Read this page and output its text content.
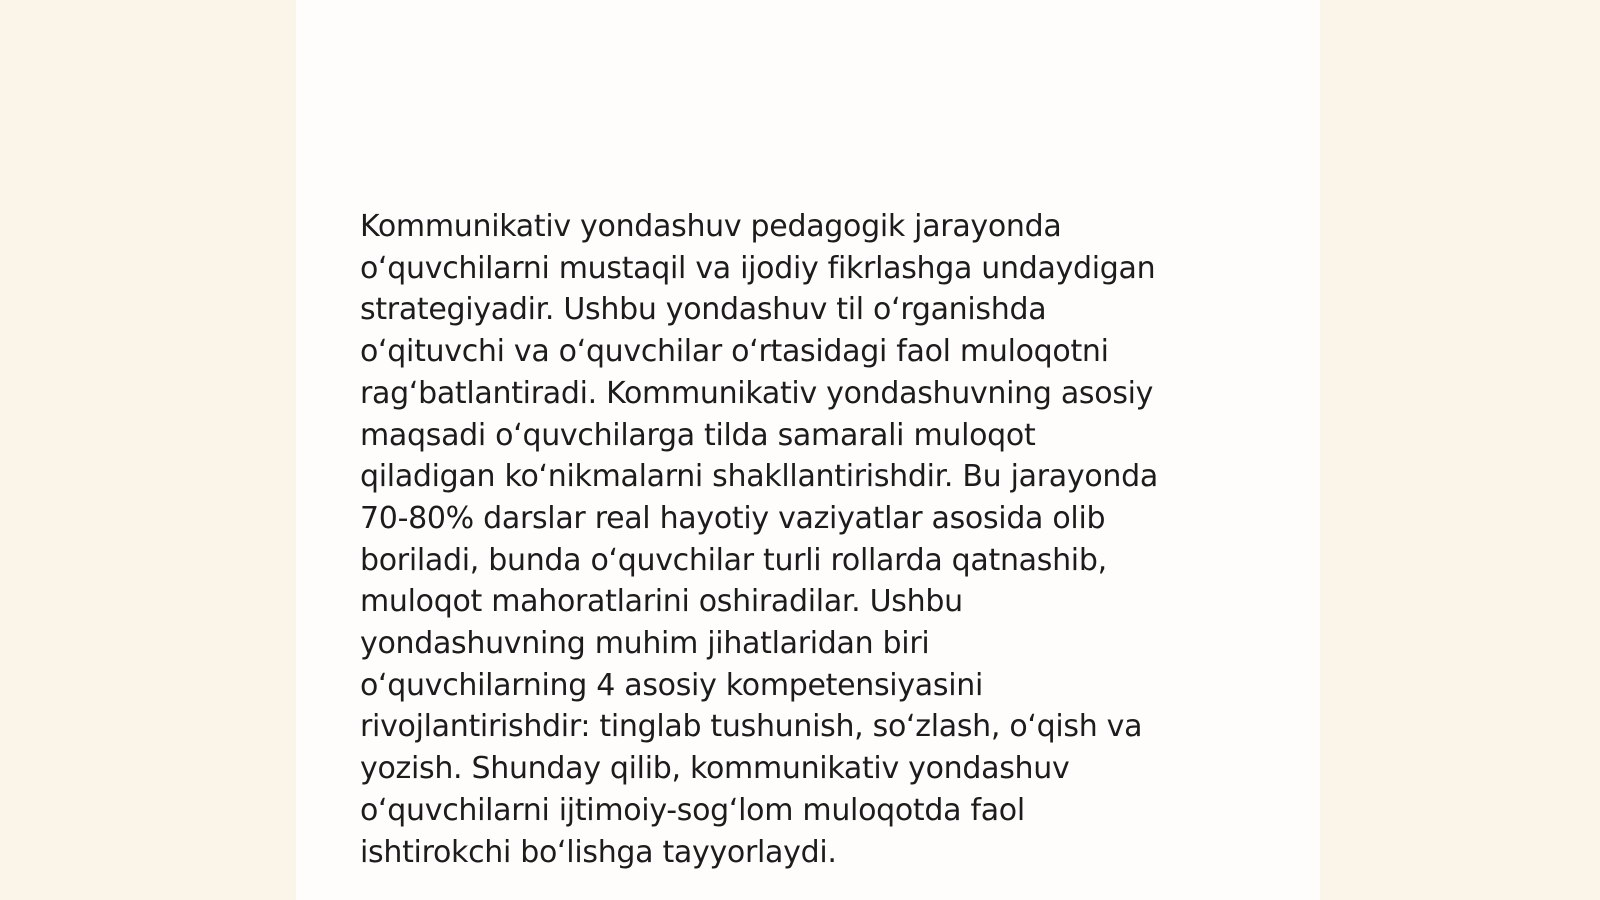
Kommunikativ yondashuv pedagogik jarayonda
o‘quvchilarni mustaqil va ijodiy fikrlashga undaydigan
strategiyadir. Ushbu yondashuv til o‘rganishda
o‘qituvchi va o‘quvchilar o‘rtasidagi faol muloqotni
rag‘batlantiradi. Kommunikativ yondashuvning asosiy
maqsadi o‘quvchilarga tilda samarali muloqot
qiladigan ko‘nikmalarni shakllantirishdir. Bu jarayonda
70-80% darslar real hayotiy vaziyatlar asosida olib
boriladi, bunda o‘quvchilar turli rollarda qatnashib,
muloqot mahoratlarini oshiradilar. Ushbu
yondashuvning muhim jihatlaridan biri
o‘quvchilarning 4 asosiy kompetensiyasini
rivojlantirishdir: tinglab tushunish, so‘zlash, o‘qish va
yozish. Shunday qilib, kommunikativ yondashuv
o‘quvchilarni ijtimoiy-sog‘lom muloqotda faol
ishtirokchi bo‘lishga tayyorlaydi.
